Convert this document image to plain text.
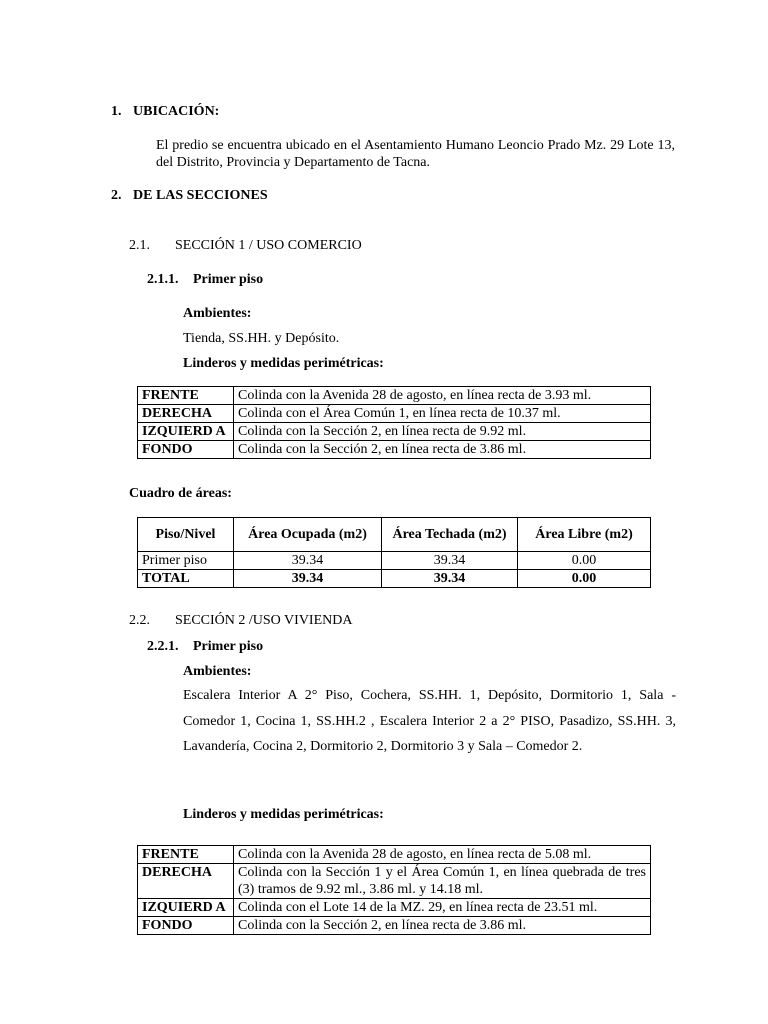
1. UBICACIÓN:
El predio se encuentra ubicado en el Asentamiento Humano Leoncio Prado Mz. 29 Lote 13, del Distrito, Provincia y Departamento de Tacna.
2. DE LAS SECCIONES
2.1. SECCIÓN 1 / USO COMERCIO
2.1.1. Primer piso
Ambientes:
Tienda, SS.HH. y Depósito.
Linderos y medidas perimétricas:
FRENTE	Colinda con la Avenida 28 de agosto, en línea recta de 3.93 ml.
DERECHA	Colinda con el Área Común 1, en línea recta de 10.37 ml.
IZQUIERD A	Colinda con la Sección 2, en línea recta de 9.92 ml.
FONDO	Colinda con la Sección 2, en línea recta de 3.86 ml.
Cuadro de áreas:
Piso/Nivel	Área Ocupada (m2)	Área Techada (m2)	Área Libre (m2)
Primer piso	39.34	39.34	0.00
TOTAL	39.34	39.34	0.00
2.2. SECCIÓN 2 /USO VIVIENDA
2.2.1. Primer piso
Ambientes:
Escalera Interior A 2° Piso, Cochera, SS.HH. 1, Depósito, Dormitorio 1, Sala - Comedor 1, Cocina 1, SS.HH.2 , Escalera Interior 2 a 2° PISO, Pasadizo, SS.HH. 3, Lavandería, Cocina 2, Dormitorio 2, Dormitorio 3 y Sala – Comedor 2.
Linderos y medidas perimétricas:
FRENTE	Colinda con la Avenida 28 de agosto, en línea recta de 5.08 ml.
DERECHA	Colinda con la Sección 1 y el Área Común 1, en línea quebrada de tres (3) tramos de 9.92 ml., 3.86 ml. y 14.18 ml.
IZQUIERD A	Colinda con el Lote 14 de la MZ. 29, en línea recta de 23.51 ml.
FONDO	Colinda con la Sección 2, en línea recta de 3.86 ml.
